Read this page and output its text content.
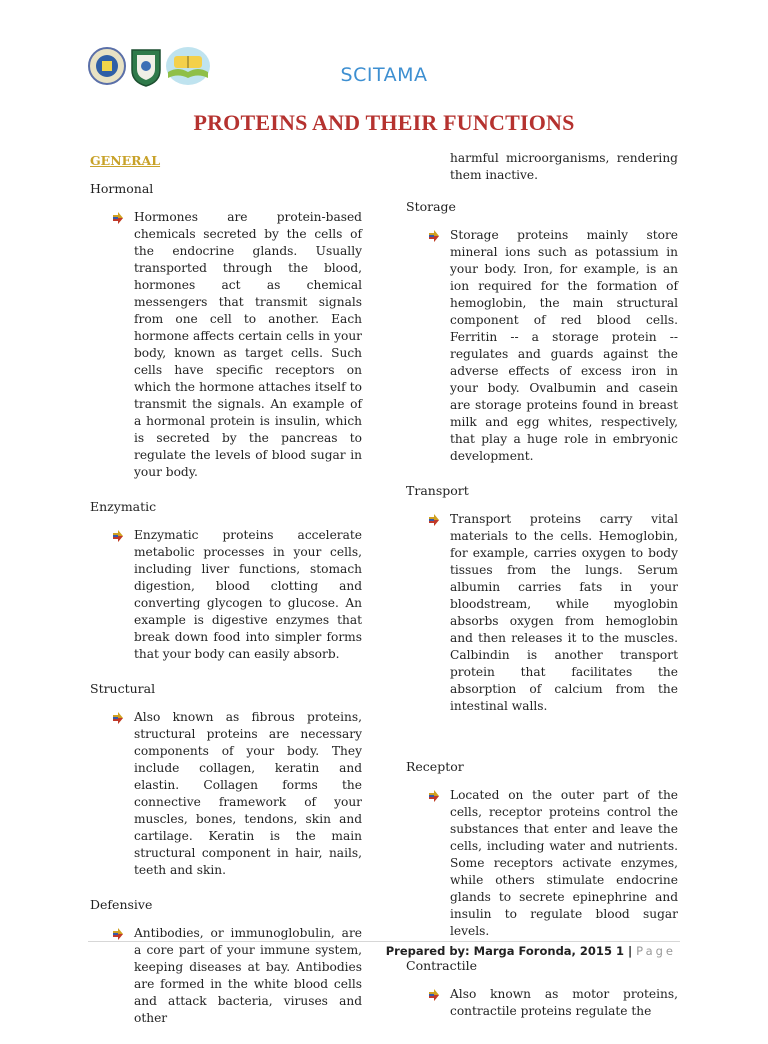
SCITAMA
PROTEINS AND THEIR FUNCTIONS
GENERAL
Hormonal
Hormones are protein-based chemicals secreted by the cells of the endocrine glands. Usually transported through the blood, hormones act as chemical messengers that transmit signals from one cell to another. Each hormone affects certain cells in your body, known as target cells. Such cells have specific receptors on which the hormone attaches itself to transmit the signals. An example of a hormonal protein is insulin, which is secreted by the pancreas to regulate the levels of blood sugar in your body.
Enzymatic
Enzymatic proteins accelerate metabolic processes in your cells, including liver functions, stomach digestion, blood clotting and converting glycogen to glucose. An example is digestive enzymes that break down food into simpler forms that your body can easily absorb.
Structural
Also known as fibrous proteins, structural proteins are necessary components of your body. They include collagen, keratin and elastin. Collagen forms the connective framework of your muscles, bones, tendons, skin and cartilage. Keratin is the main structural component in hair, nails, teeth and skin.
Defensive
Antibodies, or immunoglobulin, are a core part of your immune system, keeping diseases at bay. Antibodies are formed in the white blood cells and attack bacteria, viruses and other
harmful microorganisms, rendering them inactive.
Storage
Storage proteins mainly store mineral ions such as potassium in your body. Iron, for example, is an ion required for the formation of hemoglobin, the main structural component of red blood cells. Ferritin -- a storage protein -- regulates and guards against the adverse effects of excess iron in your body. Ovalbumin and casein are storage proteins found in breast milk and egg whites, respectively, that play a huge role in embryonic development.
Transport
Transport proteins carry vital materials to the cells. Hemoglobin, for example, carries oxygen to body tissues from the lungs. Serum albumin carries fats in your bloodstream, while myoglobin absorbs oxygen from hemoglobin and then releases it to the muscles. Calbindin is another transport protein that facilitates the absorption of calcium from the intestinal walls.
Receptor
Located on the outer part of the cells, receptor proteins control the substances that enter and leave the cells, including water and nutrients. Some receptors activate enzymes, while others stimulate endocrine glands to secrete epinephrine and insulin to regulate blood sugar levels.
Contractile
Also known as motor proteins, contractile proteins regulate the
Prepared by: Marga Foronda, 2015 1 | Page
